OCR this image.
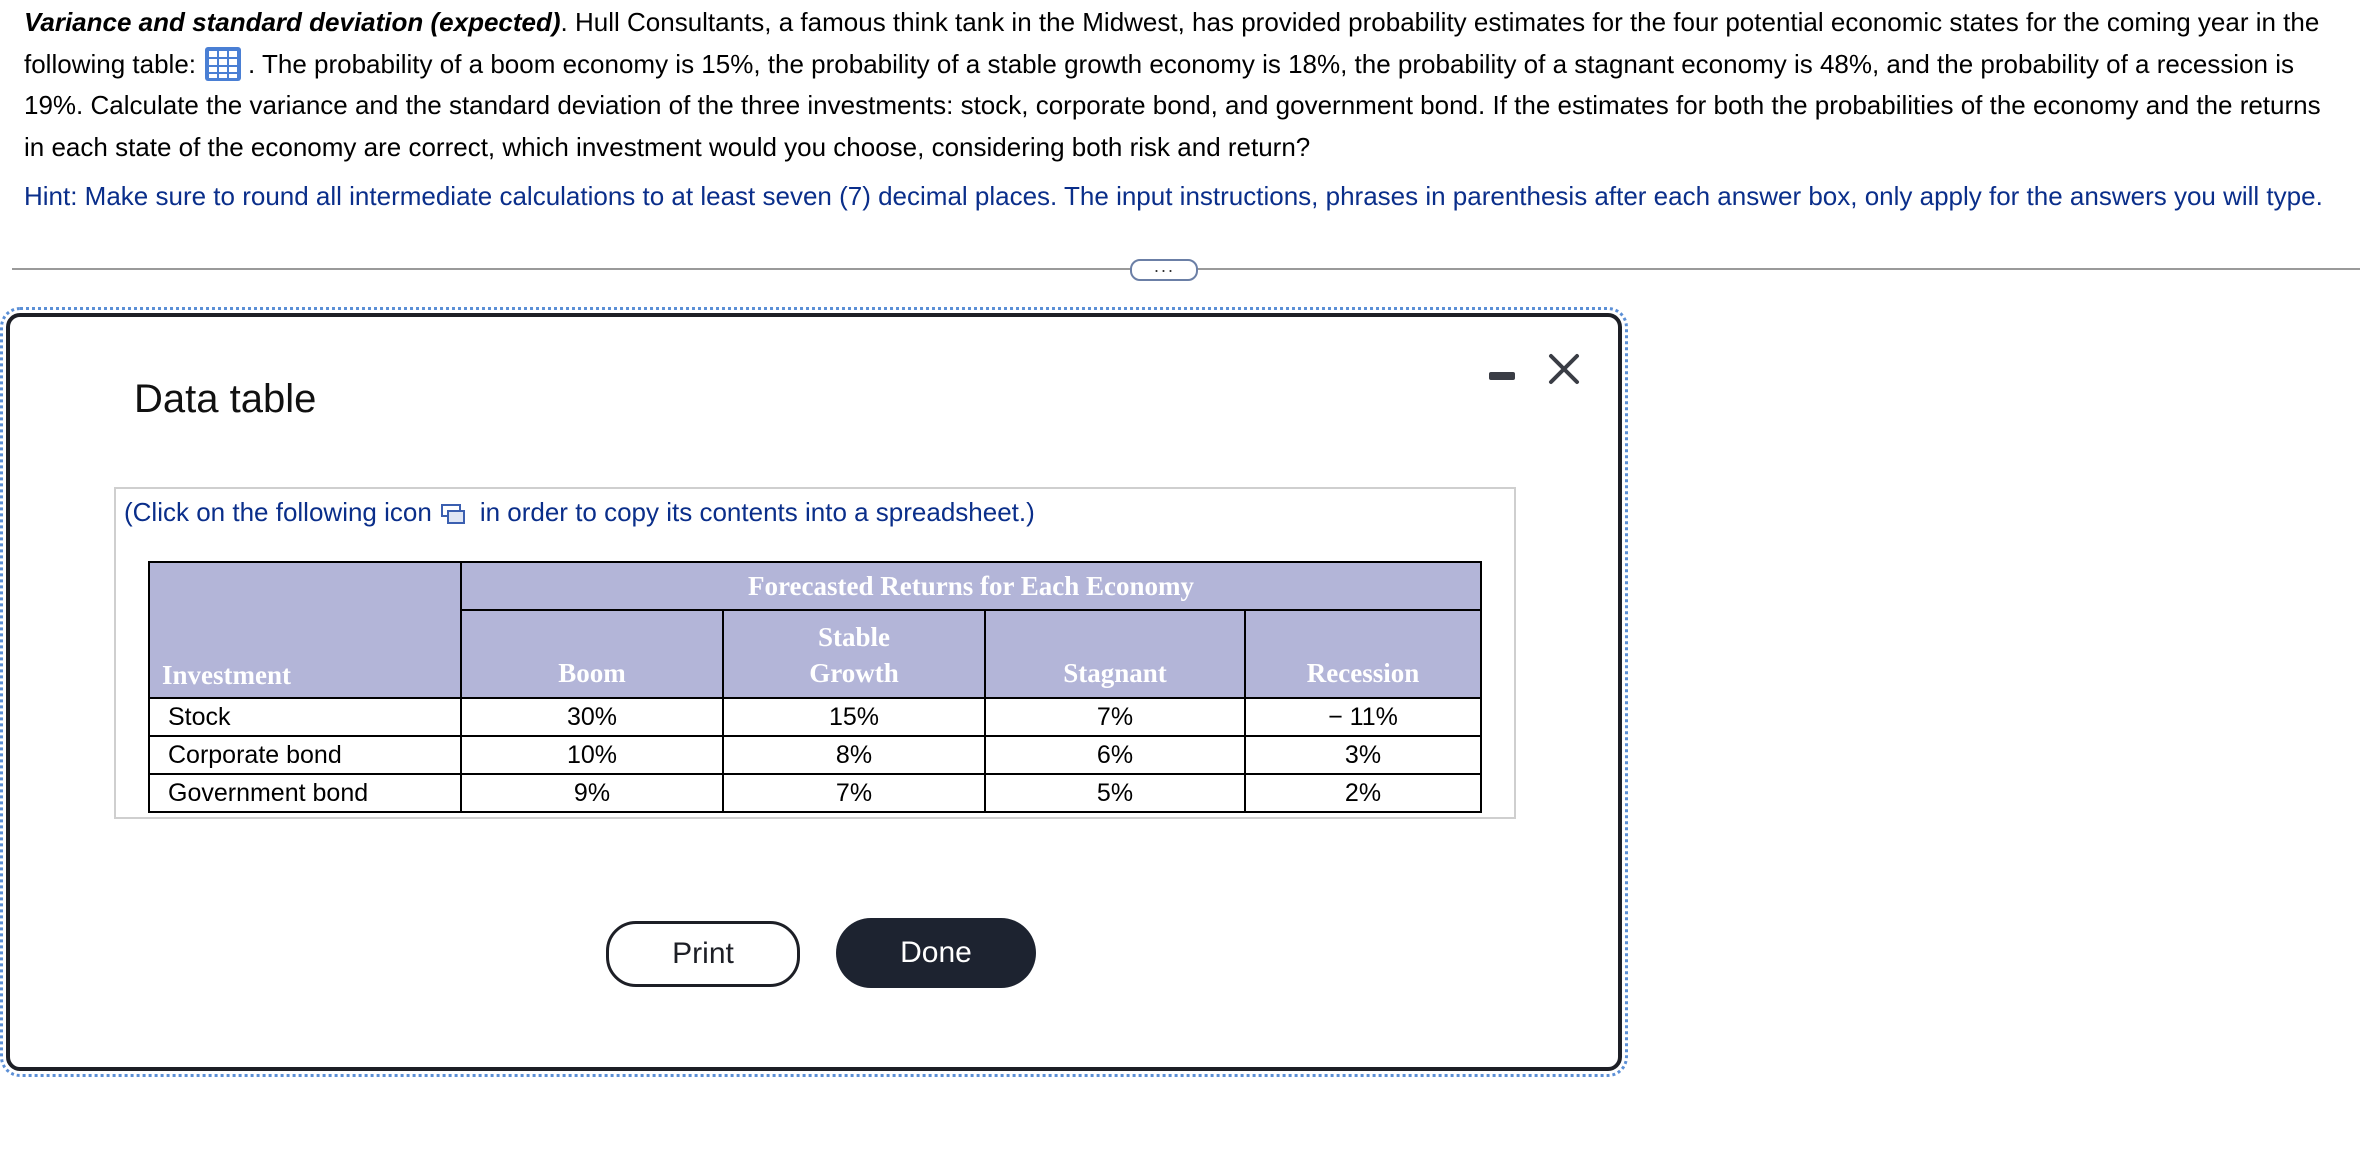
Variance and standard deviation (expected). Hull Consultants, a famous think tank in the Midwest, has provided probability estimates for the four potential economic states for the coming year in the following table: . The probability of a boom economy is 15%, the probability of a stable growth economy is 18%, the probability of a stagnant economy is 48%, and the probability of a recession is 19%. Calculate the variance and the standard deviation of the three investments: stock, corporate bond, and government bond. If the estimates for both the probabilities of the economy and the returns in each state of the economy are correct, which investment would you choose, considering both risk and return?
Hint: Make sure to round all intermediate calculations to at least seven (7) decimal places. The input instructions, phrases in parenthesis after each answer box, only apply for the answers you will type.
···
Data table
(Click on the following icon in order to copy its contents into a spreadsheet.)
Investment	Forecasted Returns for Each Economy			
	Boom	Stable Growth	Stagnant	Recession
Stock	30%	15%	7%	− 11%
Corporate bond	10%	8%	6%	3%
Government bond	9%	7%	5%	2%
Print	Done
